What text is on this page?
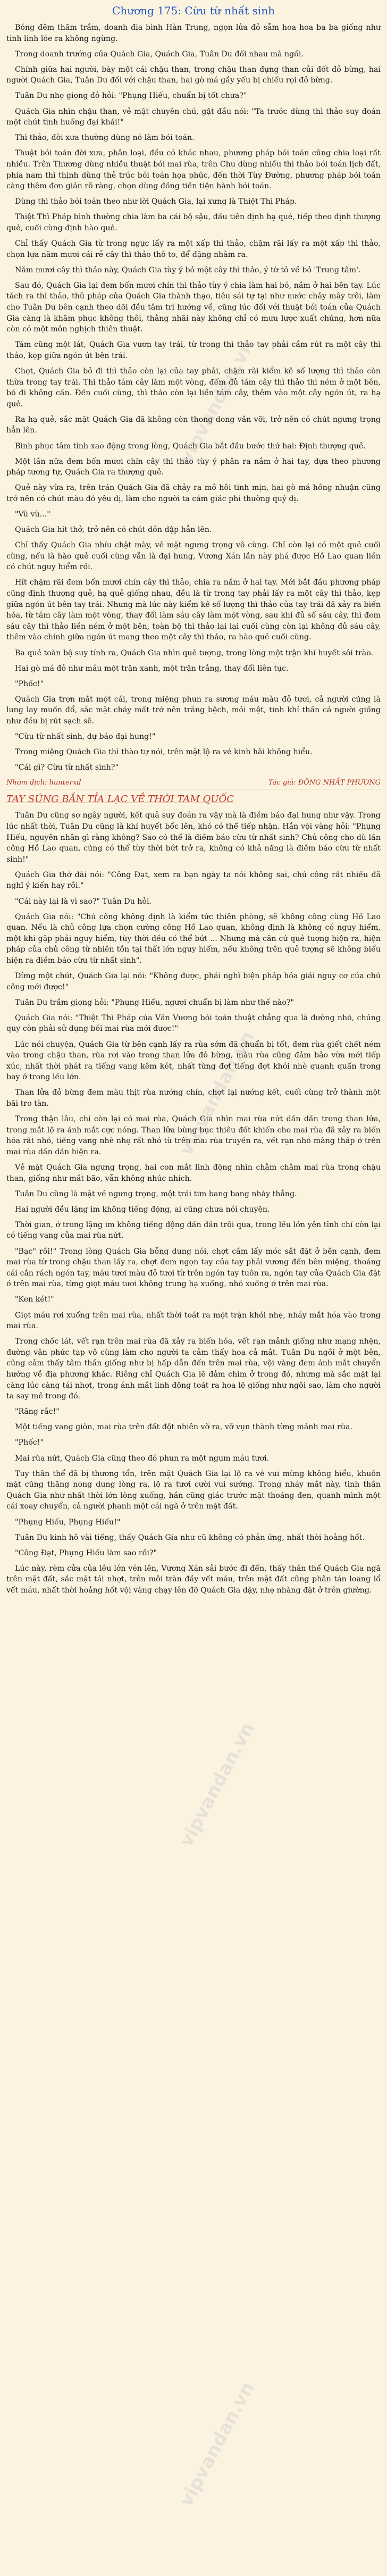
vipvandan.vn
vipvandan.vn
vipvandan.vn
vipvandan.vn
Chương 175: Cừu từ nhất sinh

Bóng đêm thăm trầm, doanh địa bình Hàn Trung, ngọn lửa đỏ sẫm hoa hoa ba ba giống như tinh linh lóe ra không ngừng.

Trong doanh trướng của Quách Gia, Quách Gia, Tuân Du đối nhau mà ngồi.

Chính giữa hai người, bày một cái chậu than, trong chậu than đựng than củi đốt đỏ bừng, hai người Quách Gia, Tuân Du đối với chậu than, hai gò má gầy yếu bị chiếu rọi đỏ bừng.

Tuân Du nhẹ giọng đỏ hỏi: "Phụng Hiếu, chuẩn bị tốt chưa?"

Quách Gia nhìn chậu than, vẻ mặt chuyên chú, gật đầu nói: "Ta trước dùng thì thảo suy đoán một chút tình huống đại khái!"

Thì thảo, đời xưa thường dùng nó làm bói toán.

Thuật bói toán đời xưa, phân loại, đều có khác nhau, phương pháp bói toán cũng chia loại rất nhiều. Trên Thương dùng nhiều thuật bói mai rùa, trên Chu dùng nhiều thì thảo bói toán lịch đất, phía nam thì thịnh dùng thẻ trúc bói toán họa phúc, đến thời Tùy Đường, phương pháp bói toán càng thêm đơn giản rõ ràng, chọn dùng đồng tiền tiện hành bói toán.

Dùng thì thảo bói toán theo như lời Quách Gia, lại xưng là Thiệt Thì Pháp.

Thiệt Thì Pháp bình thường chia làm ba cái bộ sậu, đầu tiên định hạ quẻ, tiếp theo định thượng quẻ, cuối cùng định hào quẻ.

Chỉ thấy Quách Gia từ trong ngực lấy ra một xấp thì thảo, chậm rãi lấy ra một xấp thì thảo, chọn lựa năm mươi cái rễ cây thì thảo thô to, để đặng nhằm ra.

Năm mươi cây thì thảo này, Quách Gia tùy ý bỏ một cây thì thảo, ý từ tỏ về bỏ 'Trung tâm'.

Sau đó, Quách Gia lại đem bốn mươi chín thì thảo tùy ý chia làm hai bó, nắm ở hai bên tay. Lúc tách ra thì thảo, thủ pháp của Quách Gia thành thạo, tiêu sái tự tại như nước chảy mây trôi, làm cho Tuân Du bên cạnh theo dõi đều tâm trí hướng về, cũng lúc đối với thuật bói toán của Quách Gia càng là khâm phục không thôi, thằng nhãi này không chỉ có mưu lược xuất chúng, hơn nữa còn có một môn nghịch thiên thuật.

Tám cũng một lát, Quách Gia vươn tay trái, từ trong thì thảo tay phải cầm rút ra một cây thì thảo, kẹp giữa ngón út bên trái.

Chợt, Quách Gia bỏ đi thì thảo còn lại của tay phải, chậm rãi kiểm kê số lượng thì thảo còn thừa trong tay trái. Thì thảo tám cây làm một vòng, đếm đủ tám cây thì thảo thì ném ở một bên, bỏ đi không cần. Đến cuối cùng, thì thảo còn lại liền tám cây, thêm vào một cây ngón út, ra hạ quẻ.

Ra hạ quẻ, sắc mặt Quách Gia đã không còn thong dong vân vỡi, trở nên có chút ngưng trọng hẳn lên.

Bình phục tâm tình xao động trong lòng, Quách Gia bắt đầu bước thứ hai: Định thượng quẻ.

Một lần nữa đem bốn mươi chín cây thì thảo tùy ý phân ra nắm ở hai tay, dựa theo phương pháp tương tự, Quách Gia ra thượng quẻ.

Quẻ này vừa ra, trên trán Quách Gia đã chảy ra mồ hôi tinh mịn, hai gò má hồng nhuận cũng trở nên có chút màu đỏ yêu dị, làm cho người ta cảm giác phi thường quỷ dị.

"Vù vù..."

Quách Gia hít thở, trở nên có chút dồn dập hẳn lên.

Chỉ thấy Quách Gia nhíu chặt mày, vẻ mặt ngưng trọng vô cùng. Chỉ còn lại có một quẻ cuối cùng, nếu là hào quẻ cuối cùng vẫn là đại hung, Vương Xán lần này phá được Hồ Lao quan liền có chút nguy hiểm rồi.

Hít chậm rãi đem bốn mươi chín cây thì thảo, chia ra nắm ở hai tay. Mới bắt đầu phương pháp cũng định thượng quẻ, hạ quẻ giống nhau, đều là từ trong tay phải lấy ra một cây thì thảo, kẹp giữa ngón út bên tay trái. Nhưng mà lúc này kiểm kê số lượng thì thảo của tay trái đã xảy ra biến hóa, từ tám cây làm một vòng, thay đổi làm sáu cây làm một vòng, sau khi đủ số sáu cây, thì đem sáu cây thì thảo liền ném ở một bên, toàn bộ thì thảo lại lại cuối cùng còn lại không đủ sáu cây, thêm vào chính giữa ngón út mang theo một cây thì thảo, ra hào quẻ cuối cùng.

Ba quẻ toàn bộ suy tính ra, Quách Gia nhìn quẻ tượng, trong lòng một trận khí huyết sôi trào.

Hai gò má đỏ như máu một trận xanh, một trận trắng, thay đổi liên tục.

"Phốc!"

Quách Gia trợn mắt một cái, trong miệng phun ra sương máu màu đỏ tươi, cả người cũng là lung lay muốn đổ, sắc mặt chảy mất trở nên trắng bệch, mỏi mệt, tinh khí thần cả người giống như đều bị rút sạch sẽ.

"Cừu từ nhất sinh, dự báo đại hung!"

Trong miệng Quách Gia thì thào tự nói, trên mặt lộ ra vẻ kinh hãi không hiểu.

"Cái gì? Cừu từ nhất sinh?"

Nhóm dịch: hunterxd	Tác giả: ĐÔNG NHẤT PHƯƠNG
TAY SÚNG BẮN TỈA LẠC VỀ THỜI TAM QUỐC

Tuân Du cũng sợ ngây người, kết quả suy đoán ra vậy mà là điềm báo đại hung như vậy. Trong lúc nhất thời, Tuân Du cũng là khí huyết bốc lên, khó có thể tiếp nhận. Hắn vội vàng hỏi: "Phụng Hiếu, nguyên nhân gì ràng không? Sao có thể là điềm báo cừu từ nhất sinh? Chủ công cho dù lần công Hồ Lao quan, cũng có thể tùy thời bứt trở ra, không có khả năng là điềm báo cừu từ nhất sinh!"

Quách Gia thở dài nói: "Công Đạt, xem ra bạn ngày ta nói không sai, chủ công rất nhiều đã nghĩ ý kiến hay rồi."

"Cái này lại là vì sao?" Tuân Du hỏi.

Quách Gia nói: "Chủ công không định là kiểm tức thiên phòng, sẽ không công cùng Hồ Lao quan. Nếu là chủ công lựa chọn cường công Hồ Lao quan, không định là không có nguy hiểm, một khi gặp phải nguy hiểm, tùy thời đều có thể bứt ... Nhưng mà căn cứ quẻ tượng hiện ra, hiện pháp của chủ công từ nhiên tồn tại thất lớn nguy hiểm, nếu không trên quẻ tượng sẽ không biểu hiện ra điềm báo cừu từ nhất sinh".

Dừng một chút, Quách Gia lại nói: "Không được, phải nghĩ biện pháp hóa giải nguy cơ của chủ công mới được!"

Tuân Du trầm giọng hỏi: "Phụng Hiếu, ngươi chuẩn bị làm như thế nào?"

Quách Gia nói: "Thiệt Thì Pháp của Văn Vương bói toán thuật chẳng qua là đường nhỏ, chúng quy còn phải sử dụng bói mai rùa mới được!"

Lúc nói chuyện, Quách Gia từ bên cạnh lấy ra rùa sớm đã chuẩn bị tốt, đem rùa giết chết ném vào trong chậu than, rùa rơi vào trong than lửa đỏ bừng, màu rùa cũng đảm bảo vừa mới tiếp xúc, nhất thời phát ra tiếng vang kêm két, nhất từng đợt tiếng đợt khói nhè quanh quẩn trong bay ở trong lều lớn.

Than lửa đỏ bừng đem màu thịt rùa nướng chín, chợt lại nướng kết, cuối cùng trở thành một bãi tro tàn.

Trong thận lâu, chỉ còn lại có mai rùa, Quách Gia nhìn mai rùa nứt dần dần trong than lửa, trong mắt lộ ra ánh mắt cực nóng. Than lửa bùng bục thiêu đốt khiến cho mai rùa đã xảy ra biến hóa rất nhỏ, tiếng vang nhè nhẹ rất nhỏ từ trên mai rùa truyền ra, vết rạn nhỏ màng thấp ở trên mai rùa dần dần hiện ra.

Vẻ mặt Quách Gia ngưng trọng, hai con mắt linh động nhìn chằm chằm mai rùa trong chậu than, giống như mắt bão, vẫn không nhúc nhích.

Tuân Du cũng là mặt vẻ ngưng trọng, một trái tim bang bang nhảy thẳng.

Hai người đều lặng im không tiếng động, ai cũng chưa nói chuyện.

Thời gian, ở trong lặng im không tiếng động dần dần trôi qua, trong lều lớn yên tĩnh chỉ còn lại có tiếng vang của mai rùa nứt.

"Bạc" rồi!" Trong lòng Quách Gia bỗng dung nói, chợt cầm lấy móc sắt đặt ở bên cạnh, đem mai rùa từ trong chậu than lấy ra, chợt đem ngọn tay của tay phải vương đến bên miệng, thoáng cái cắn rách ngón tay, máu tươi màu đỏ tươi từ trên ngón tay tuôn ra, ngón tay của Quách Gia đặt ở trên mai rùa, từng giọt máu tươi không trung hạ xuống, nhỏ xuống ở trên mai rùa.

"Ken két!"

Giọt máu rơi xuống trên mai rùa, nhất thời toát ra một trận khói nhẹ, nháy mắt hóa vào trong mai rùa.

Trong chốc lát, vết rạn trên mai rùa đã xảy ra biến hóa, vết rạn mảnh giống như mạng nhện, đường vân phức tạp vô cùng làm cho người ta cảm thấy hoa cả mắt. Tuân Du ngồi ở một bên, cũng cảm thấy tâm thần giống như bị hấp dẫn đến trên mai rùa, vội vàng đem ánh mắt chuyển hướng về địa phương khác. Riêng chỉ Quách Gia lẽ đảm chìm ở trong đó, nhưng mà sắc mặt lại càng lúc càng tái nhợt, trong ánh mắt linh động toát ra hoa lệ giống như ngôi sao, làm cho người ta say mê trong đó.

"Răng rắc!"

Một tiếng vang giòn, mai rùa trên đất đột nhiên vỡ ra, vỡ vụn thành từng mảnh mai rùa.

"Phốc!"

Mai rùa nứt, Quách Gia cũng theo đó phun ra một ngụm máu tươi.

Tuy thân thể đã bị thương tổn, trên mặt Quách Gia lại lộ ra vẻ vui mừng không hiểu, khuôn mặt cũng thăng nong dung lòng ra, lộ ra tươi cười vui sướng. Trong nháy mắt này, tinh thần Quách Gia như nhất thời lớn lòng xuống, hắn cũng giác trước mặt thoáng đen, quanh mình một cái xoay chuyển, cả người phanh một cái ngã ở trên mặt đất.

"Phụng Hiếu, Phụng Hiếu!"

Tuân Du kinh hô vài tiếng, thấy Quách Gia như cũ không có phản ứng, nhất thời hoảng hốt.

"Công Đạt, Phụng Hiếu làm sao rồi?"

Lúc này, rèm cửa của lều lớn vén lên, Vương Xán sải bước đi đến, thấy thân thể Quách Gia ngã trên mặt đất, sắc mặt tái nhợt, trên môi tràn đầy vết máu, trên mặt đất cũng phân tán loang lổ vết máu, nhất thời hoảng hốt vội vàng chạy lên đỡ Quách Gia dậy, nhẹ nhàng đặt ở trên giường.
